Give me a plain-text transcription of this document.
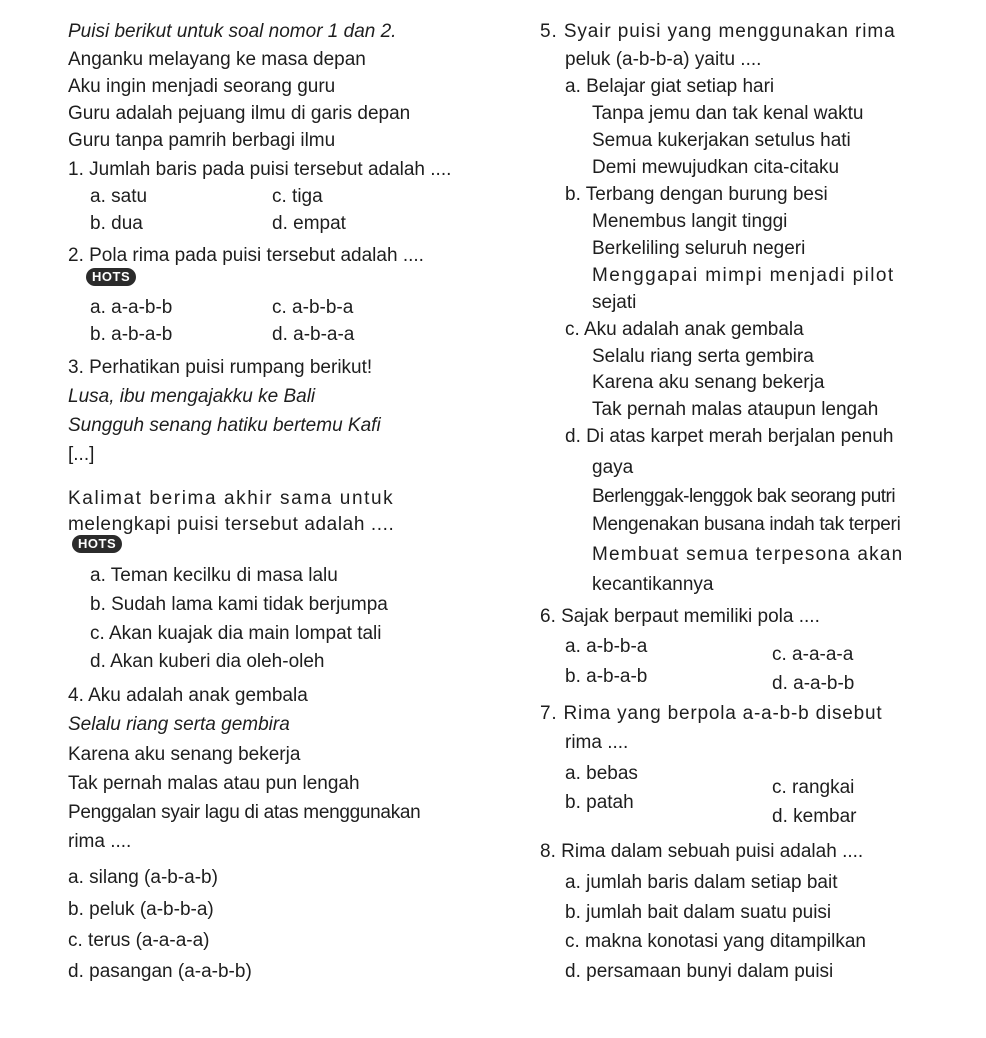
Puisi berikut untuk soal nomor 1 dan 2.
Anganku melayang ke masa depan
Aku ingin menjadi seorang guru
Guru adalah pejuang ilmu di garis depan
Guru tanpa pamrih berbagi ilmu
1. Jumlah baris pada puisi tersebut adalah ....
a. satu	c. tiga
b. dua	d. empat
2. Pola rima pada puisi tersebut adalah ....
HOTS
a. a-a-b-b	c. a-b-b-a
b. a-b-a-b	d. a-b-a-a
3. Perhatikan puisi rumpang berikut!
Lusa, ibu mengajakku ke Bali
Sungguh senang hatiku bertemu Kafi
[...]
Kalimat berima akhir sama untuk
melengkapi puisi tersebut adalah ....
HOTS
a. Teman kecilku di masa lalu
b. Sudah lama kami tidak berjumpa
c. Akan kuajak dia main lompat tali
d. Akan kuberi dia oleh-oleh
4. Aku adalah anak gembala
Selalu riang serta gembira
Karena aku senang bekerja
Tak pernah malas atau pun lengah
Penggalan syair lagu di atas menggunakan
rima ....
a. silang (a-b-a-b)
b. peluk (a-b-b-a)
c. terus (a-a-a-a)
d. pasangan (a-a-b-b)
5. Syair puisi yang menggunakan rima
peluk (a-b-b-a) yaitu ....
a. Belajar giat setiap hari
Tanpa jemu dan tak kenal waktu
Semua kukerjakan setulus hati
Demi mewujudkan cita-citaku
b. Terbang dengan burung besi
Menembus langit tinggi
Berkeliling seluruh negeri
Menggapai mimpi menjadi pilot
sejati
c. Aku adalah anak gembala
Selalu riang serta gembira
Karena aku senang bekerja
Tak pernah malas ataupun lengah
d. Di atas karpet merah berjalan penuh
gaya
Berlenggak-lenggok bak seorang putri
Mengenakan busana indah tak terperi
Membuat semua terpesona akan
kecantikannya
6. Sajak berpaut memiliki pola ....
a. a-b-b-a	c. a-a-a-a
b. a-b-a-b	d. a-a-b-b
7. Rima yang berpola a-a-b-b disebut
rima ....
a. bebas
c. rangkai
b. patah
d. kembar
8. Rima dalam sebuah puisi adalah ....
a. jumlah baris dalam setiap bait
b. jumlah bait dalam suatu puisi
c. makna konotasi yang ditampilkan
d. persamaan bunyi dalam puisi
